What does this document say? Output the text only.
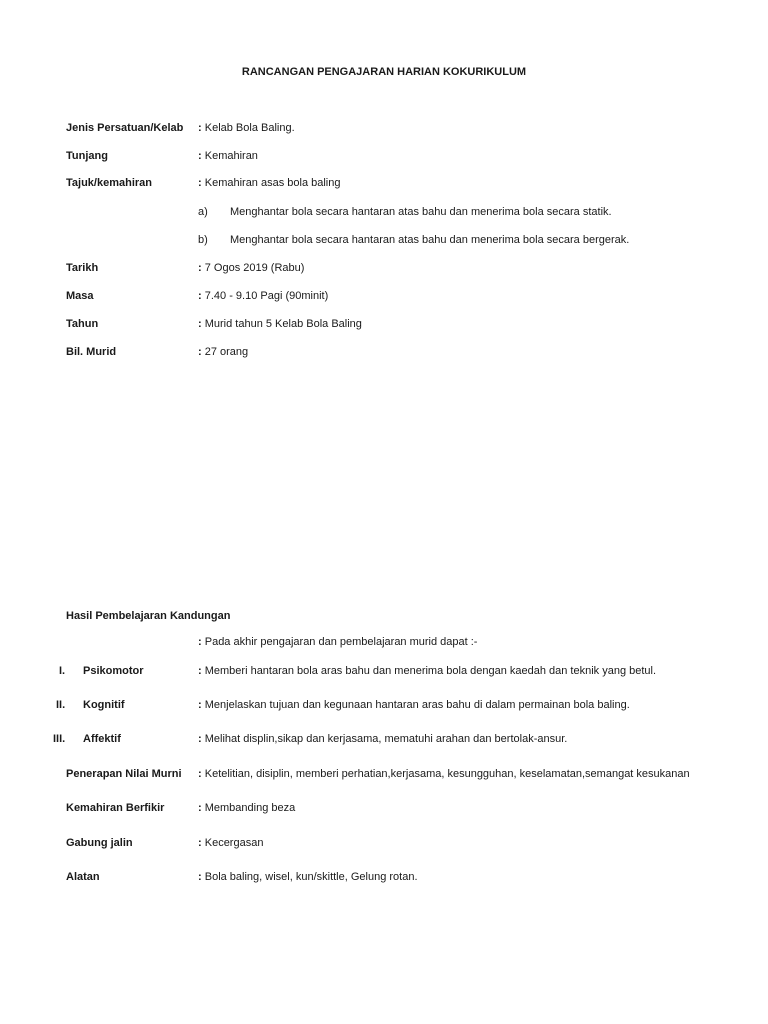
RANCANGAN PENGAJARAN HARIAN KOKURIKULUM
Jenis Persatuan/Kelab : Kelab Bola Baling.
Tunjang	: Kemahiran
Tajuk/kemahiran	: Kemahiran asas bola baling
a) Menghantar bola secara hantaran atas bahu dan menerima bola secara statik.
b) Menghantar bola secara hantaran atas bahu dan menerima bola secara bergerak.
Tarikh	: 7 Ogos 2019 (Rabu)
Masa	: 7.40 - 9.10 Pagi (90minit)
Tahun	: Murid tahun 5 Kelab Bola Baling
Bil. Murid	: 27 orang
Hasil Pembelajaran Kandungan
: Pada akhir pengajaran dan pembelajaran murid dapat :-
I. Psikomotor	: Memberi hantaran bola aras bahu dan menerima bola dengan kaedah dan teknik yang betul.
II. Kognitif	: Menjelaskan tujuan dan kegunaan hantaran aras bahu di dalam permainan bola baling.
III. Affektif	: Melihat displin,sikap dan kerjasama, mematuhi arahan dan bertolak-ansur.
Penerapan Nilai Murni : Ketelitian, disiplin, memberi perhatian,kerjasama, kesungguhan, keselamatan,semangat kesukanan
Kemahiran Berfikir	: Membanding beza
Gabung jalin	: Kecergasan
Alatan	: Bola baling, wisel, kun/skittle, Gelung rotan.
